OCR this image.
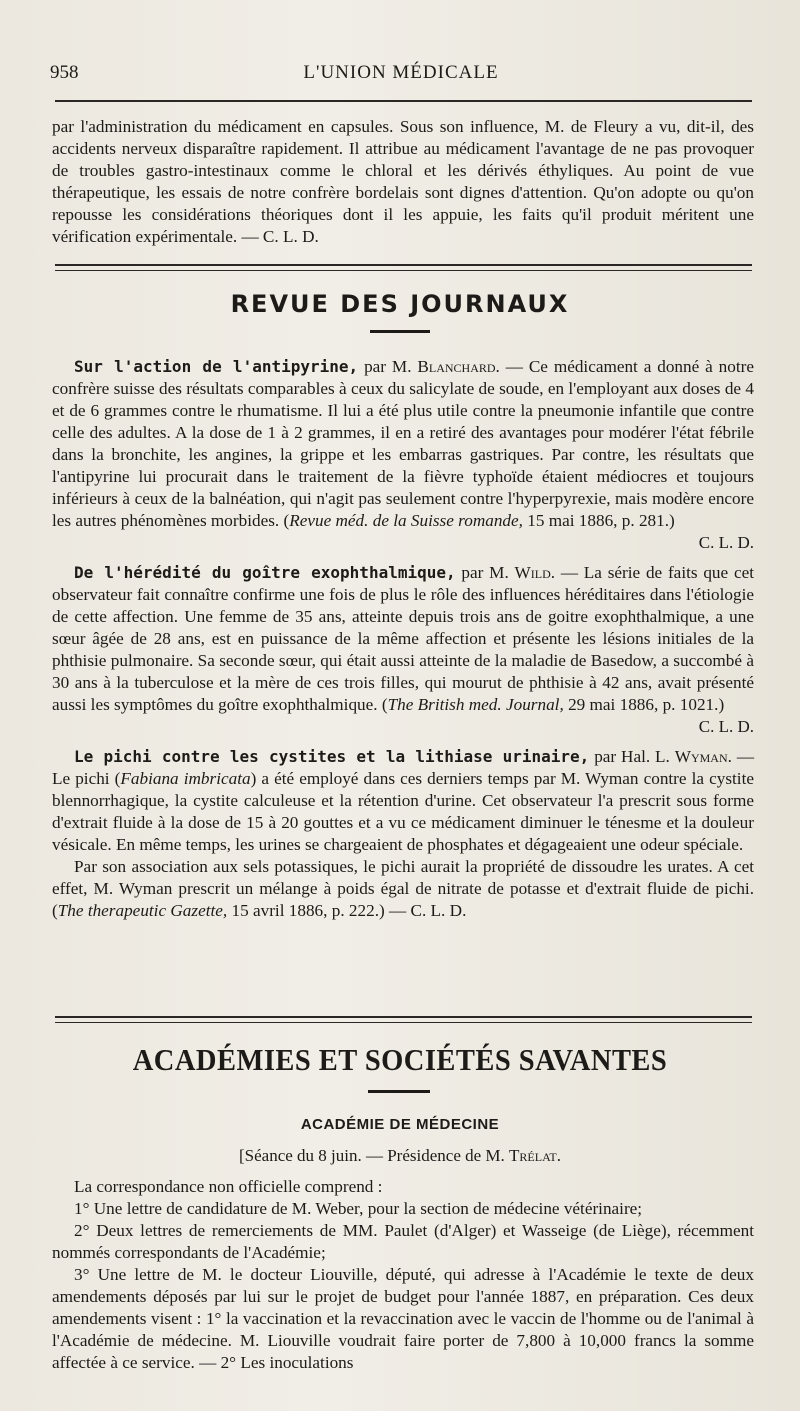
958	L'UNION MÉDICALE

par l'administration du médicament en capsules. Sous son influence, M. de Fleury a vu, dit-il, des accidents nerveux disparaître rapidement. Il attribue au médicament l'avantage de ne pas provoquer de troubles gastro-intestinaux comme le chloral et les dérivés éthyliques. Au point de vue thérapeutique, les essais de notre confrère bordelais sont dignes d'attention. Qu'on adopte ou qu'on repousse les considérations théoriques dont il les appuie, les faits qu'il produit méritent une vérification expérimentale. — C. L. D.

REVUE DES JOURNAUX

Sur l'action de l'antipyrine, par M. Blanchard. — Ce médicament a donné à notre confrère suisse des résultats comparables à ceux du salicylate de soude, en l'employant aux doses de 4 et de 6 grammes contre le rhumatisme. Il lui a été plus utile contre la pneumonie infantile que contre celle des adultes. A la dose de 1 à 2 grammes, il en a retiré des avantages pour modérer l'état fébrile dans la bronchite, les angines, la grippe et les embarras gastriques. Par contre, les résultats que l'antipyrine lui procurait dans le traitement de la fièvre typhoïde étaient médiocres et toujours inférieurs à ceux de la balnéation, qui n'agit pas seulement contre l'hyperpyrexie, mais modère encore les autres phénomènes morbides. (Revue méd. de la Suisse romande, 15 mai 1886, p. 281.)

C. L. D.

De l'hérédité du goître exophthalmique, par M. Wild. — La série de faits que cet observateur fait connaître confirme une fois de plus le rôle des influences héréditaires dans l'étiologie de cette affection. Une femme de 35 ans, atteinte depuis trois ans de goitre exophthalmique, a une sœur âgée de 28 ans, est en puissance de la même affection et présente les lésions initiales de la phthisie pulmonaire. Sa seconde sœur, qui était aussi atteinte de la maladie de Basedow, a succombé à 30 ans à la tuberculose et la mère de ces trois filles, qui mourut de phthisie à 42 ans, avait présenté aussi les symptômes du goître exophthalmique. (The British med. Journal, 29 mai 1886, p. 1021.)

C. L. D.

Le pichi contre les cystites et la lithiase urinaire, par Hal. L. Wyman. — Le pichi (Fabiana imbricata) a été employé dans ces derniers temps par M. Wyman contre la cystite blennorrhagique, la cystite calculeuse et la rétention d'urine. Cet observateur l'a prescrit sous forme d'extrait fluide à la dose de 15 à 20 gouttes et a vu ce médicament diminuer le ténesme et la douleur vésicale. En même temps, les urines se chargeaient de phosphates et dégageaient une odeur spéciale.

Par son association aux sels potassiques, le pichi aurait la propriété de dissoudre les urates. A cet effet, M. Wyman prescrit un mélange à poids égal de nitrate de potasse et d'extrait fluide de pichi. (The therapeutic Gazette, 15 avril 1886, p. 222.) — C. L. D.

ACADÉMIES ET SOCIÉTÉS SAVANTES
ACADÉMIE DE MÉDECINE
[Séance du 8 juin. — Présidence de M. Trélat.

La correspondance non officielle comprend :

1° Une lettre de candidature de M. Weber, pour la section de médecine vétérinaire;

2° Deux lettres de remerciements de MM. Paulet (d'Alger) et Wasseige (de Liège), récemment nommés correspondants de l'Académie;

3° Une lettre de M. le docteur Liouville, député, qui adresse à l'Académie le texte de deux amendements déposés par lui sur le projet de budget pour l'année 1887, en préparation. Ces deux amendements visent : 1° la vaccination et la revaccination avec le vaccin de l'homme ou de l'animal à l'Académie de médecine. M. Liouville voudrait faire porter de 7,800 à 10,000 francs la somme affectée à ce service. — 2° Les inoculations
